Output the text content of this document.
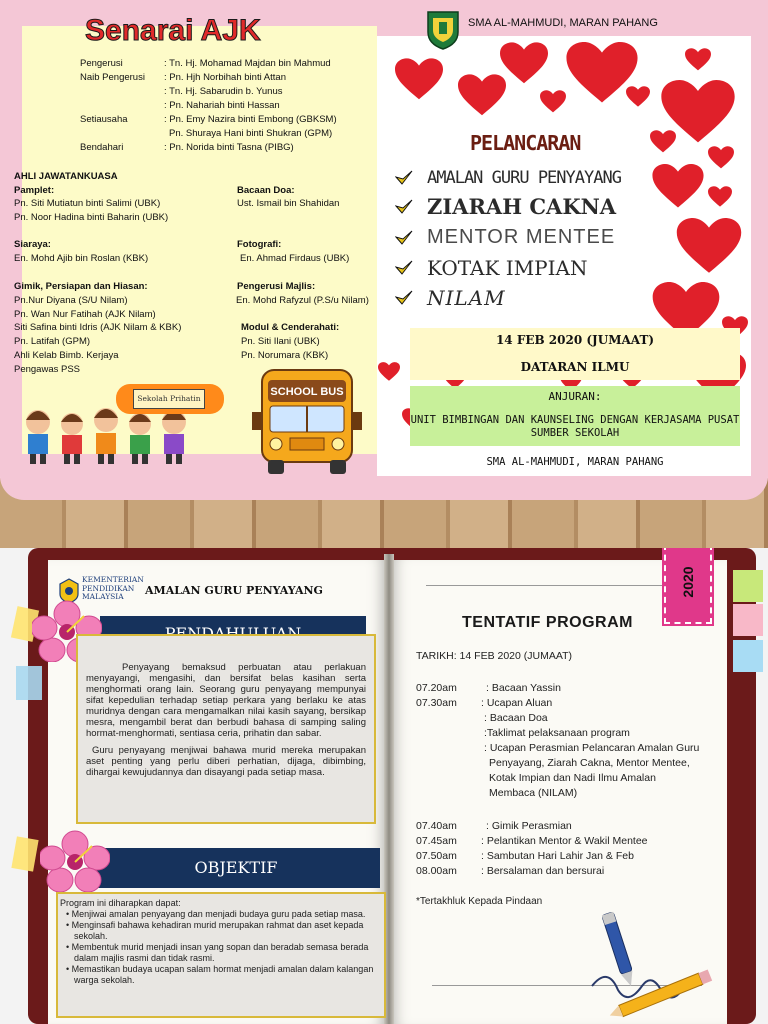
Senarai AJK
Pengerusi	: Tn. Hj. Mohamad Majdan bin Mahmud
Naib Pengerusi : Pn. Hjh Norbihah binti Attan
: Tn. Hj. Sabarudin b. Yunus
: Pn. Nahariah binti Hassan
Setiausaha	: Pn. Emy Nazira binti Embong (GBKSM)
Pn. Shuraya Hani binti Shukran (GPM)
Bendahari	: Pn. Norida binti Tasna (PIBG)
AHLI JAWATANKUASA
Pamplet:
Pn. Siti Mutiatun binti Salimi (UBK)
Pn. Noor Hadina binti Baharin (UBK)
Siaraya:
En. Mohd Ajib bin Roslan (KBK)
Gimik, Persiapan dan Hiasan:
Pn.Nur Diyana (S/U Nilam)
Pn. Wan Nur Fatihah (AJK Nilam)
Siti Safina binti Idris (AJK Nilam & KBK)
Pn. Latifah (GPM)
Ahli Kelab Bimb. Kerjaya
Pengawas PSS
Bacaan Doa:
Ust. Ismail bin Shahidan
Fotografi:
En. Ahmad Firdaus (UBK)
Pengerusi Majlis:
En. Mohd Rafyzul (P.S/u Nilam)
Modul & Cenderahati:
Pn. Siti Ilani (UBK)
Pn. Norumara (KBK)
Sekolah Prihatin
SCHOOL BUS
SMA AL-MAHMUDI, MARAN PAHANG
PELANCARAN
AMALAN GURU PENYAYANG
ZIARAH CAKNA
MENTOR MENTEE
KOTAK IMPIAN
NILAM
14 FEB 2020 (JUMAAT)
DATARAN ILMU
ANJURAN:
UNIT BIMBINGAN DAN KAUNSELING DENGAN KERJASAMA PUSAT SUMBER SEKOLAH
SMA AL-MAHMUDI, MARAN PAHANG
KEMENTERIAN PENDIDIKAN MALAYSIA	AMALAN GURU PENYAYANG
Penyayang bemaksud perbuatan atau perlakuan menyayangi, mengasihi, dan bersifat belas kasihan serta menghormati orang lain. Seorang guru penyayang mempunyai sifat kepedulian terhadap setiap perkara yang berlaku ke atas muridnya dengan cara mengamalkan nilai kasih sayang, bersikap mesra, mengambil berat dan berbudi bahasa di samping saling hormat-menghormati, sentiasa ceria, prihatin dan sabar.
Guru penyayang menjiwai bahawa murid mereka merupakan aset penting yang perlu diberi perhatian, dijaga, dibimbing, dihargai kewujudannya dan disayangi pada setiap masa.
OBJEKTIF

Program ini diharapkan dapat:

• Menjiwai amalan penyayang dan menjadi budaya guru pada setiap masa.
• Menginsafi bahawa kehadiran murid merupakan rahmat dan aset kepada sekolah.
• Membentuk murid menjadi insan yang sopan dan beradab semasa berada dalam majlis rasmi dan tidak rasmi.
• Memastikan budaya ucapan salam hormat menjadi amalan dalam kalangan warga sekolah.
2020
TENTATIF PROGRAM
TARIKH: 14 FEB 2020 (JUMAAT)
07.20am	: Bacaan Yassin
07.30am : Ucapan Aluan
: Bacaan Doa
:Taklimat pelaksanaan program
: Ucapan Perasmian Pelancaran Amalan Guru
Penyayang, Ziarah Cakna, Mentor Mentee,
Kotak Impian dan Nadi Ilmu Amalan
Membaca (NILAM)
07.40am	: Gimik Perasmian
07.45am : Pelantikan Mentor & Wakil Mentee
07.50am : Sambutan Hari Lahir Jan & Feb
08.00am : Bersalaman dan bersurai
*Tertakhluk Kepada Pindaan
